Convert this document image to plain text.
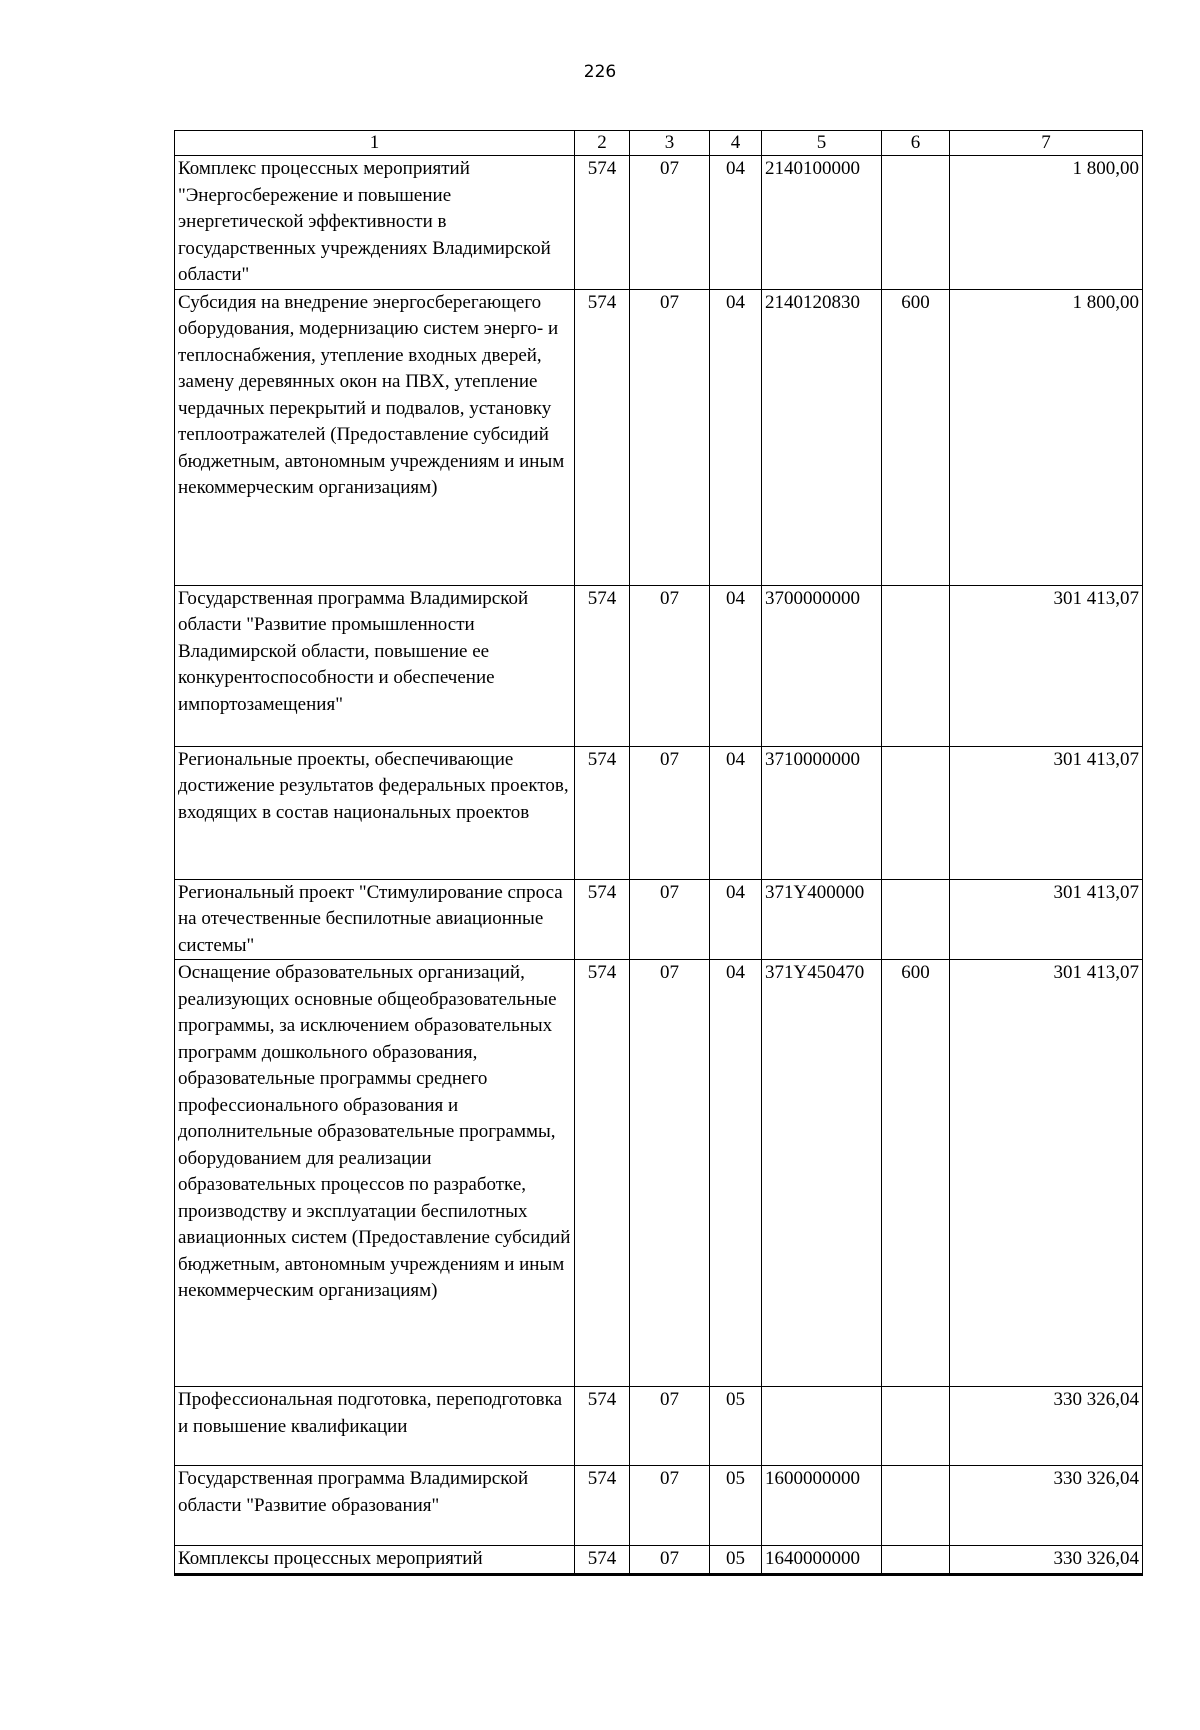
226
1	2	3	4	5	6	7
Комплекс процессных мероприятий "Энергосбережение и повышение энергетической эффективности в государственных учреждениях Владимирской области"	574	07	04	2140100000		1 800,00
Субсидия на внедрение энергосберегающего оборудования, модернизацию систем энерго- и теплоснабжения, утепление входных дверей, замену деревянных окон на ПВХ, утепление чердачных перекрытий и подвалов, установку теплоотражателей (Предоставление субсидий бюджетным, автономным учреждениям и иным некоммерческим организациям)	574	07	04	2140120830	600	1 800,00
Государственная программа Владимирской области "Развитие промышленности Владимирской области, повышение ее конкурентоспособности и обеспечение импортозамещения"	574	07	04	3700000000		301 413,07
Региональные проекты, обеспечивающие достижение результатов федеральных проектов, входящих в состав национальных проектов	574	07	04	3710000000		301 413,07
Региональный проект "Стимулирование спроса на отечественные беспилотные авиационные системы"	574	07	04	371Y400000		301 413,07
Оснащение образовательных организаций, реализующих основные общеобразовательные программы, за исключением образовательных программ дошкольного образования, образовательные программы среднего профессионального образования и дополнительные образовательные программы, оборудованием для реализации образовательных процессов по разработке, производству и эксплуатации беспилотных авиационных систем (Предоставление субсидий бюджетным, автономным учреждениям и иным некоммерческим организациям)	574	07	04	371Y450470	600	301 413,07
Профессиональная подготовка, переподготовка и повышение квалификации	574	07	05			330 326,04
Государственная программа Владимирской области "Развитие образования"	574	07	05	1600000000		330 326,04
Комплексы процессных мероприятий	574	07	05	1640000000		330 326,04
